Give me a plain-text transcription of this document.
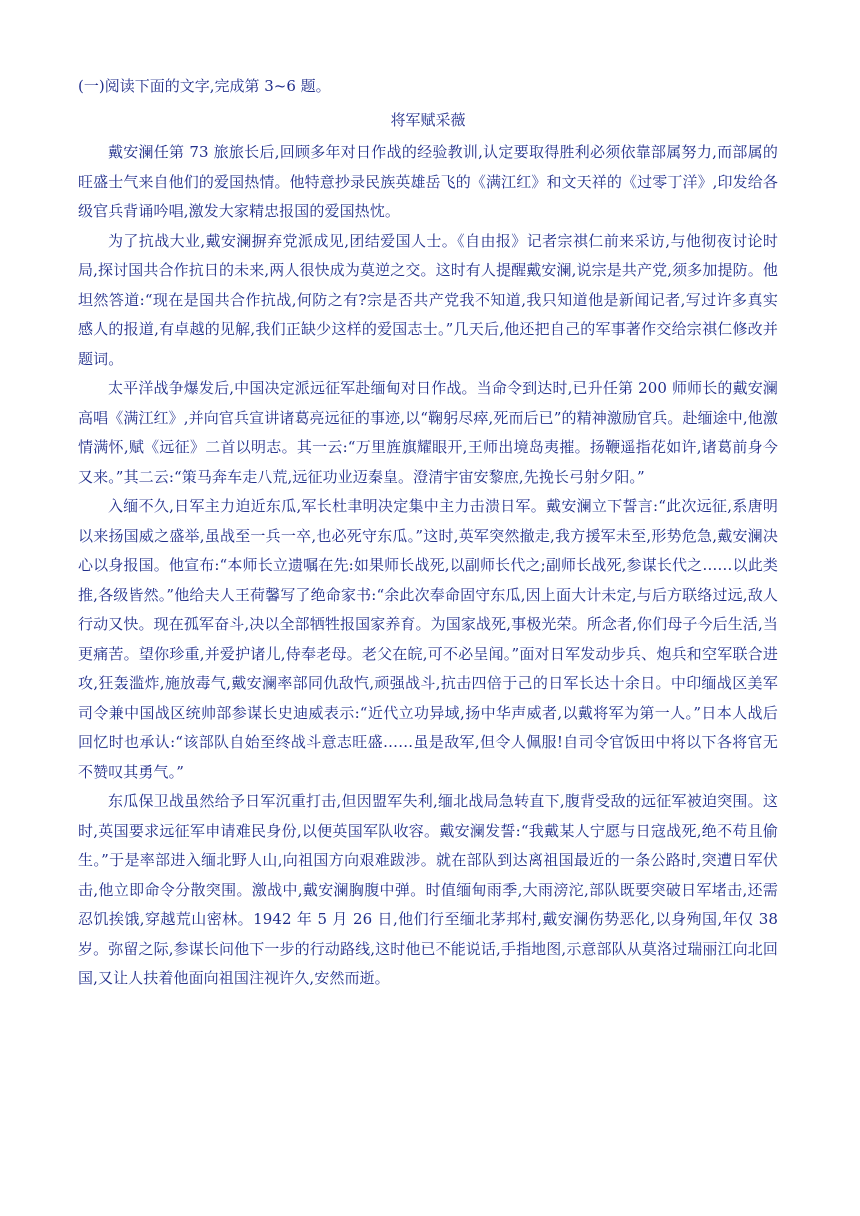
(一)阅读下面的文字,完成第 3~6 题。

将军赋采薇

戴安澜任第 73 旅旅长后,回顾多年对日作战的经验教训,认定要取得胜利必须依靠部属努力,而部属的旺盛士气来自他们的爱国热情。他特意抄录民族英雄岳飞的《满江红》和文天祥的《过零丁洋》,印发给各级官兵背诵吟唱,激发大家精忠报国的爱国热忱。

为了抗战大业,戴安澜摒弃党派成见,团结爱国人士。《自由报》记者宗祺仁前来采访,与他彻夜讨论时局,探讨国共合作抗日的未来,两人很快成为莫逆之交。这时有人提醒戴安澜,说宗是共产党,须多加提防。他坦然答道:“现在是国共合作抗战,何防之有?宗是否共产党我不知道,我只知道他是新闻记者,写过许多真实感人的报道,有卓越的见解,我们正缺少这样的爱国志士。”几天后,他还把自己的军事著作交给宗祺仁修改并题词。

太平洋战争爆发后,中国决定派远征军赴缅甸对日作战。当命令到达时,已升任第 200 师师长的戴安澜高唱《满江红》,并向官兵宣讲诸葛亮远征的事迹,以“鞠躬尽瘁,死而后已”的精神激励官兵。赴缅途中,他激情满怀,赋《远征》二首以明志。其一云:“万里旌旗耀眼开,王师出境岛夷摧。扬鞭遥指花如许,诸葛前身今又来。”其二云:“策马奔车走八荒,远征功业迈秦皇。澄清宇宙安黎庶,先挽长弓射夕阳。”

入缅不久,日军主力迫近东瓜,军长杜聿明决定集中主力击溃日军。戴安澜立下誓言:“此次远征,系唐明以来扬国威之盛举,虽战至一兵一卒,也必死守东瓜。”这时,英军突然撤走,我方援军未至,形势危急,戴安澜决心以身报国。他宣布:“本师长立遗嘱在先:如果师长战死,以副师长代之;副师长战死,参谋长代之……以此类推,各级皆然。”他给夫人王荷馨写了绝命家书:“余此次奉命固守东瓜,因上面大计未定,与后方联络过远,敌人行动又快。现在孤军奋斗,决以全部牺牲报国家养育。为国家战死,事极光荣。所念者,你们母子今后生活,当更痛苦。望你珍重,并爱护诸儿,侍奉老母。老父在皖,可不必呈闻。”面对日军发动步兵、炮兵和空军联合进攻,狂轰滥炸,施放毒气,戴安澜率部同仇敌忾,顽强战斗,抗击四倍于己的日军长达十余日。中印缅战区美军司令兼中国战区统帅部参谋长史迪威表示:“近代立功异域,扬中华声威者,以戴将军为第一人。”日本人战后回忆时也承认:“该部队自始至终战斗意志旺盛……虽是敌军,但令人佩服!自司令官饭田中将以下各将官无不赞叹其勇气。”

东瓜保卫战虽然给予日军沉重打击,但因盟军失利,缅北战局急转直下,腹背受敌的远征军被迫突围。这时,英国要求远征军申请难民身份,以便英国军队收容。戴安澜发誓:“我戴某人宁愿与日寇战死,绝不苟且偷生。”于是率部进入缅北野人山,向祖国方向艰难跋涉。就在部队到达离祖国最近的一条公路时,突遭日军伏击,他立即命令分散突围。激战中,戴安澜胸腹中弹。时值缅甸雨季,大雨滂沱,部队既要突破日军堵击,还需忍饥挨饿,穿越荒山密林。1942 年 5 月 26 日,他们行至缅北茅邦村,戴安澜伤势恶化,以身殉国,年仅 38 岁。弥留之际,参谋长问他下一步的行动路线,这时他已不能说话,手指地图,示意部队从莫洛过瑞丽江向北回国,又让人扶着他面向祖国注视许久,安然而逝。
